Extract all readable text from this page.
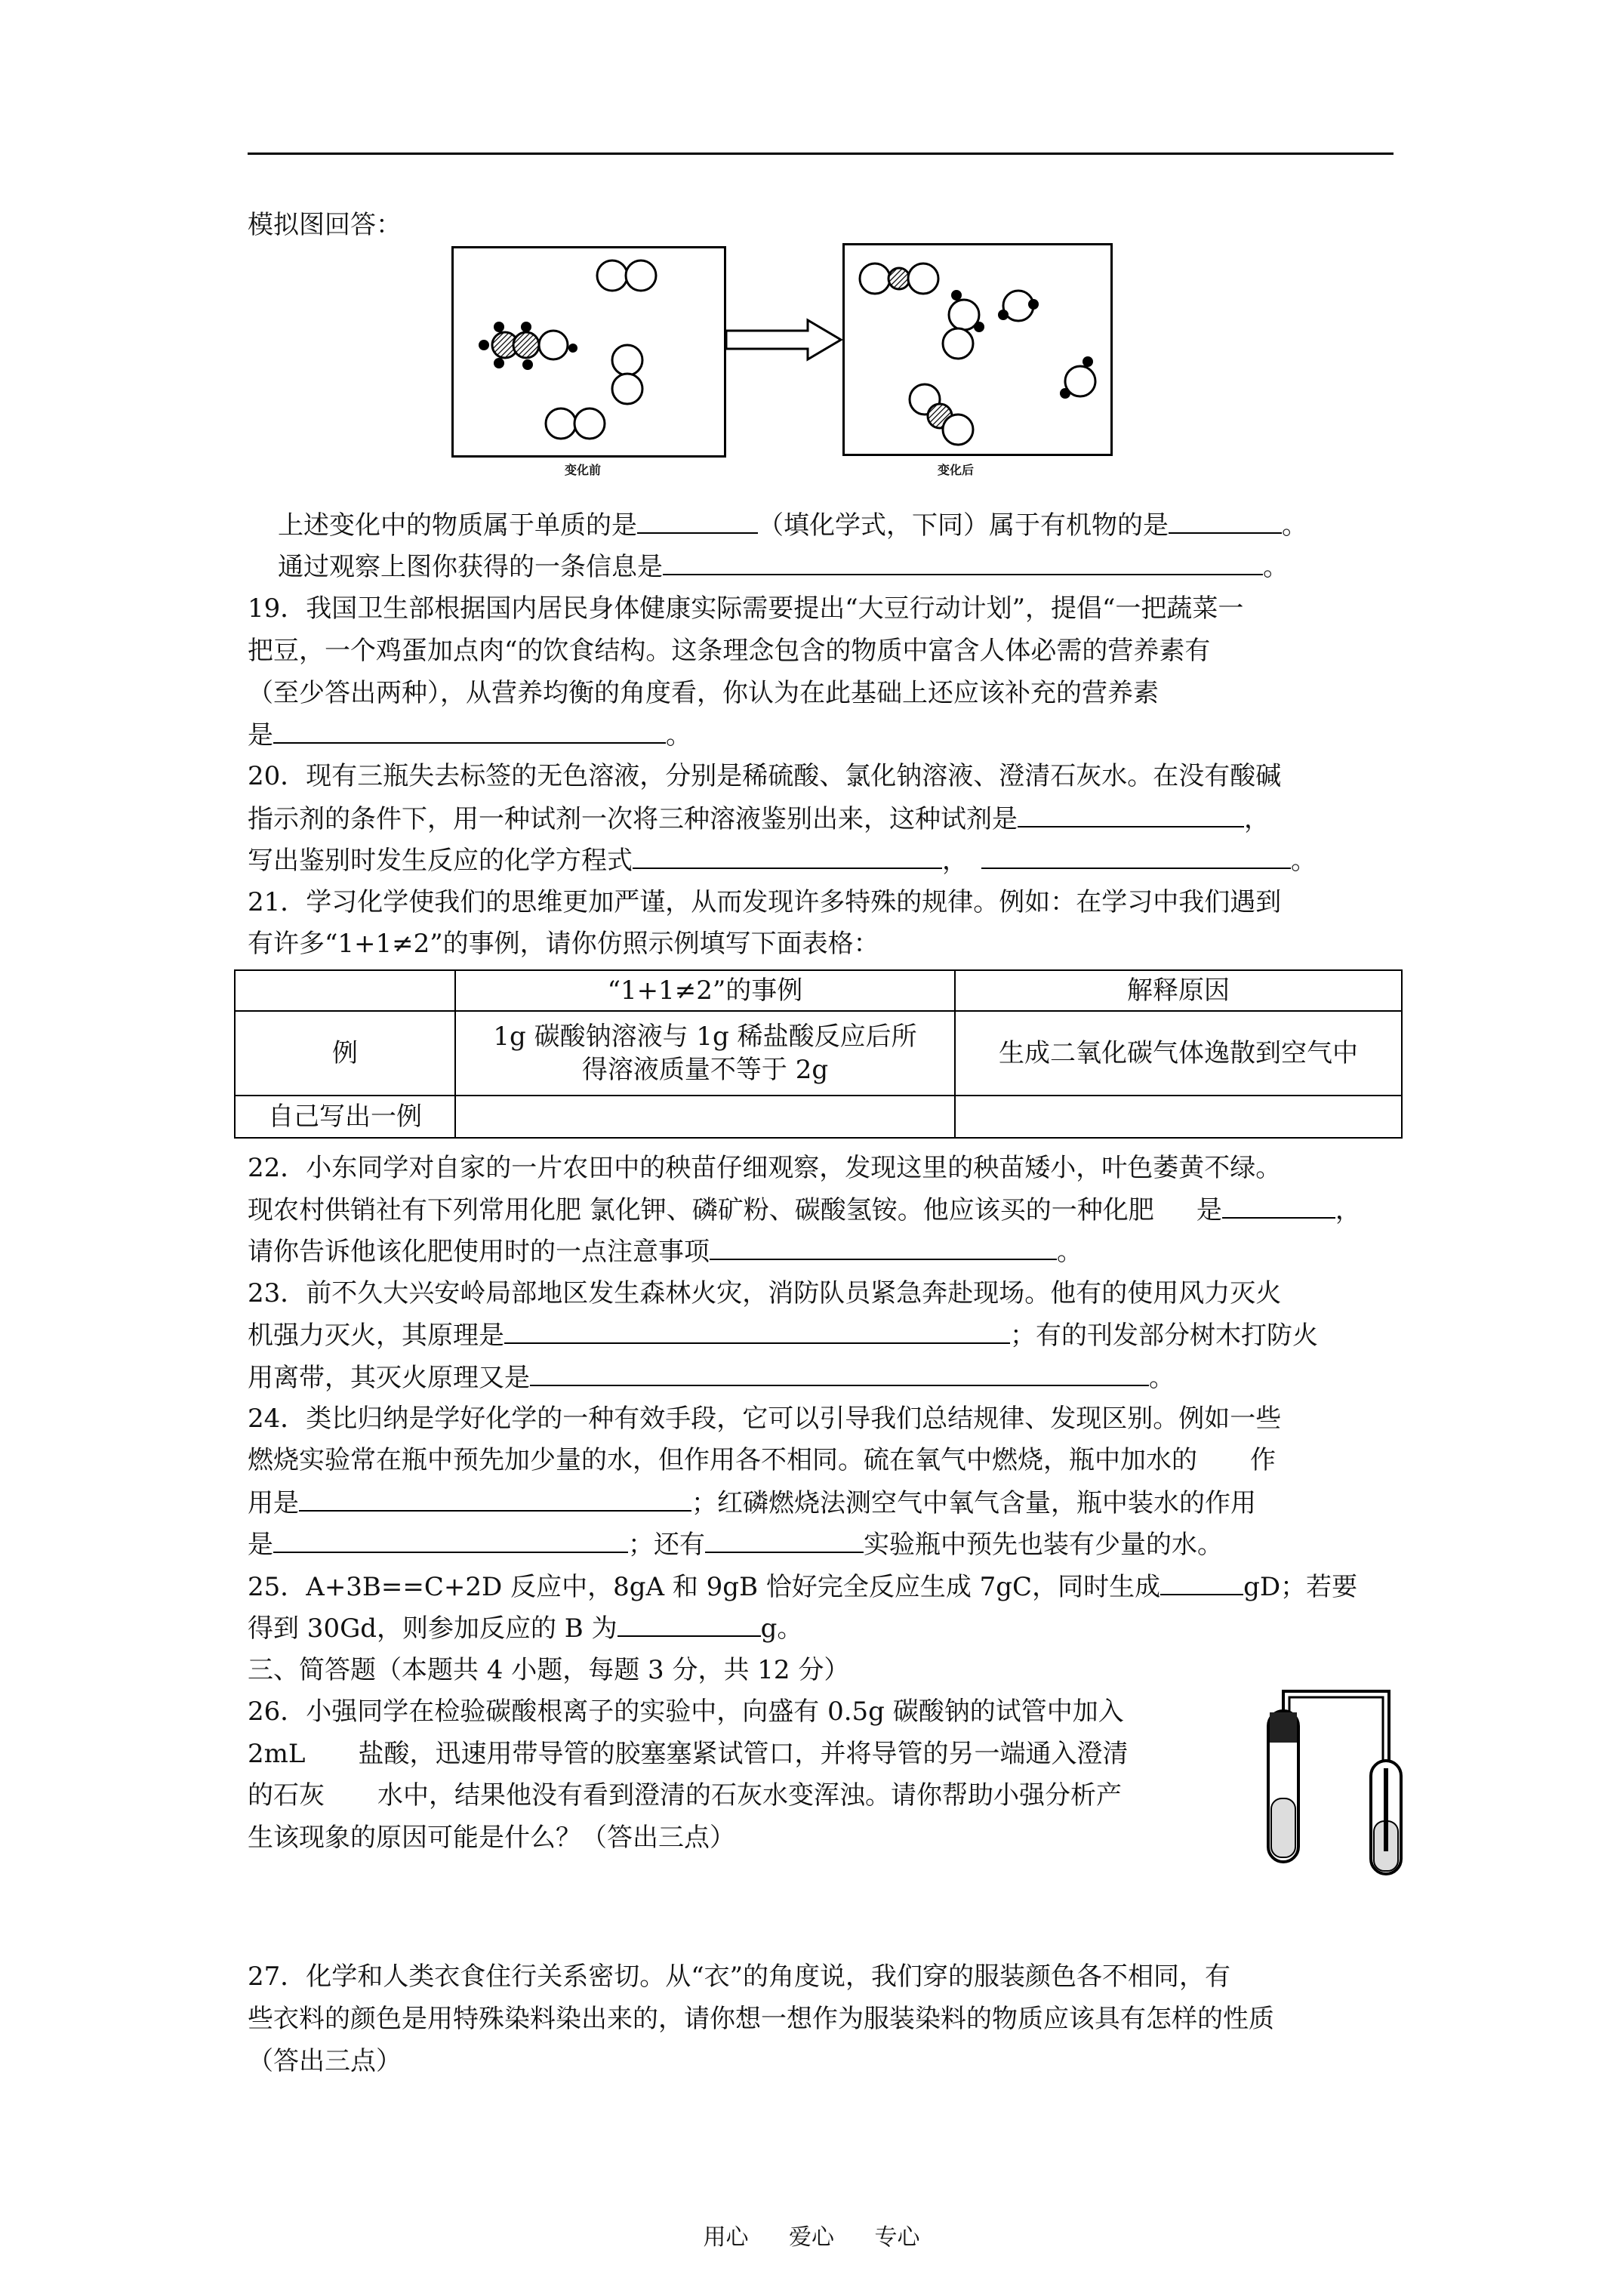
模拟图回答：
变化前	变化后
上述变化中的物质属于单质的是	（填化学式，下同）属于有机物的是	。
通过观察上图你获得的一条信息是	。
19．我国卫生部根据国内居民身体健康实际需要提出“大豆行动计划”，提倡“一把蔬菜一
把豆，一个鸡蛋加点肉“的饮食结构。这条理念包含的物质中富含人体必需的营养素有
（至少答出两种），从营养均衡的角度看，你认为在此基础上还应该补充的营养素
是	。
20．现有三瓶失去标签的无色溶液，分别是稀硫酸、氯化钠溶液、澄清石灰水。在没有酸碱
指示剂的条件下，用一种试剂一次将三种溶液鉴别出来，这种试剂是	，
写出鉴别时发生反应的化学方程式	，	。
21．学习化学使我们的思维更加严谨，从而发现许多特殊的规律。例如：在学习中我们遇到
有许多“1+1≠2”的事例，请你仿照示例填写下面表格：
	“1+1≠2”的事例	解释原因
例	1g 碳酸钠溶液与 1g 稀盐酸反应后所
得溶液质量不等于 2g	生成二氧化碳气体逸散到空气中
自己写出一例		
22．小东同学对自家的一片农田中的秧苗仔细观察，发现这里的秧苗矮小，叶色萎黄不绿。
现农村供销社有下列常用化肥 氯化钾、磷矿粉、碳酸氢铵。他应该买的一种化肥 是	，
请你告诉他该化肥使用时的一点注意事项	。
23．前不久大兴安岭局部地区发生森林火灾，消防队员紧急奔赴现场。他有的使用风力灭火
机强力灭火，其原理是	；有的刊发部分树木打防火
用离带，其灭火原理又是	。
24．类比归纳是学好化学的一种有效手段，它可以引导我们总结规律、发现区别。例如一些
燃烧实验常在瓶中预先加少量的水，但作用各不相同。硫在氧气中燃烧，瓶中加水的 作
用是	；红磷燃烧法测空气中氧气含量，瓶中装水的作用
是	；还有	实验瓶中预先也装有少量的水。
25．A+3B==C+2D 反应中，8gA 和 9gB 恰好完全反应生成 7gC，同时生成	gD；若要
得到 30Gd，则参加反应的 B 为	g。
三、简答题（本题共 4 小题，每题 3 分，共 12 分）
26．小强同学在检验碳酸根离子的实验中，向盛有 0.5g 碳酸钠的试管中加入
2mL 盐酸，迅速用带导管的胶塞塞紧试管口，并将导管的另一端通入澄清
的石灰 水中，结果他没有看到澄清的石灰水变浑浊。请你帮助小强分析产
生该现象的原因可能是什么？（答出三点）
27．化学和人类衣食住行关系密切。从“衣”的角度说，我们穿的服装颜色各不相同，有
些衣料的颜色是用特殊染料染出来的，请你想一想作为服装染料的物质应该具有怎样的性质
（答出三点）
用心 爱心 专心
